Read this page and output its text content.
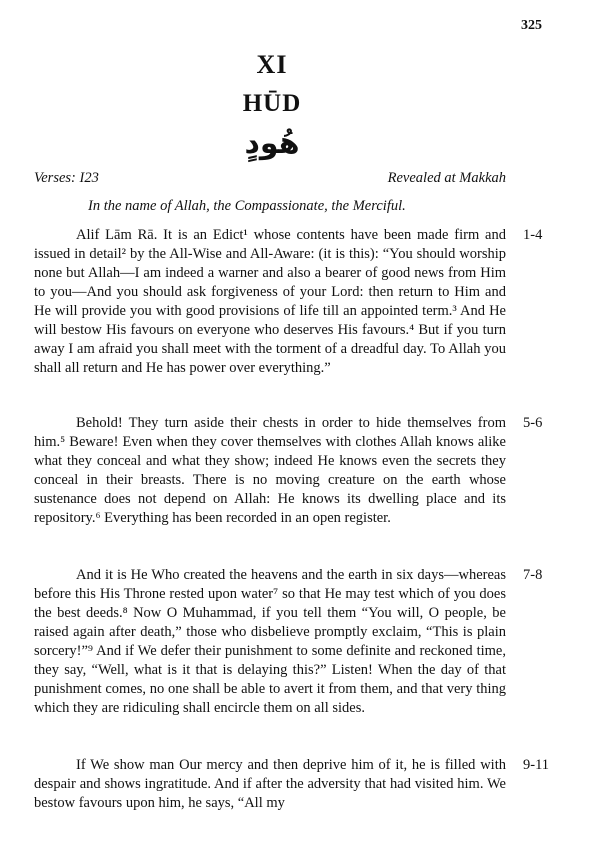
325
XI
HŪD
هُودٍ
Verses: I23	Revealed at Makkah
In the name of Allah, the Compassionate, the Merciful.

Alif Lām Rā. It is an Edict¹ whose contents have been made firm and issued in detail² by the All-Wise and All-Aware: (it is this): “You should worship none but Allah—I am indeed a warner and also a bearer of good news from Him to you—And you should ask forgiveness of your Lord: then return to Him and He will provide you with good provisions of life till an appointed term.³ And He will bestow His favours on everyone who deserves His favours.⁴ But if you turn away I am afraid you shall meet with the torment of a dreadful day. To Allah you shall all return and He has power over everything.”

1-4

Behold! They turn aside their chests in order to hide themselves from him.⁵ Beware! Even when they cover themselves with clothes Allah knows alike what they conceal and what they show; indeed He knows even the secrets they conceal in their breasts. There is no moving creature on the earth whose sustenance does not depend on Allah: He knows its dwelling place and its repository.⁶ Everything has been recorded in an open register.

5-6

And it is He Who created the heavens and the earth in six days—whereas before this His Throne rested upon water⁷ so that He may test which of you does the best deeds.⁸ Now O Muhammad, if you tell them “You will, O people, be raised again after death,” those who disbelieve promptly exclaim, “This is plain sorcery!”⁹ And if We defer their punishment to some definite and reckoned time, they say, “Well, what is it that is delaying this?” Listen! When the day of that punishment comes, no one shall be able to avert it from them, and that very thing which they are ridiculing shall encircle them on all sides.

7-8

If We show man Our mercy and then deprive him of it, he is filled with despair and shows ingratitude. And if after the adversity that had visited him. We bestow favours upon him, he says, “All my

9-11
